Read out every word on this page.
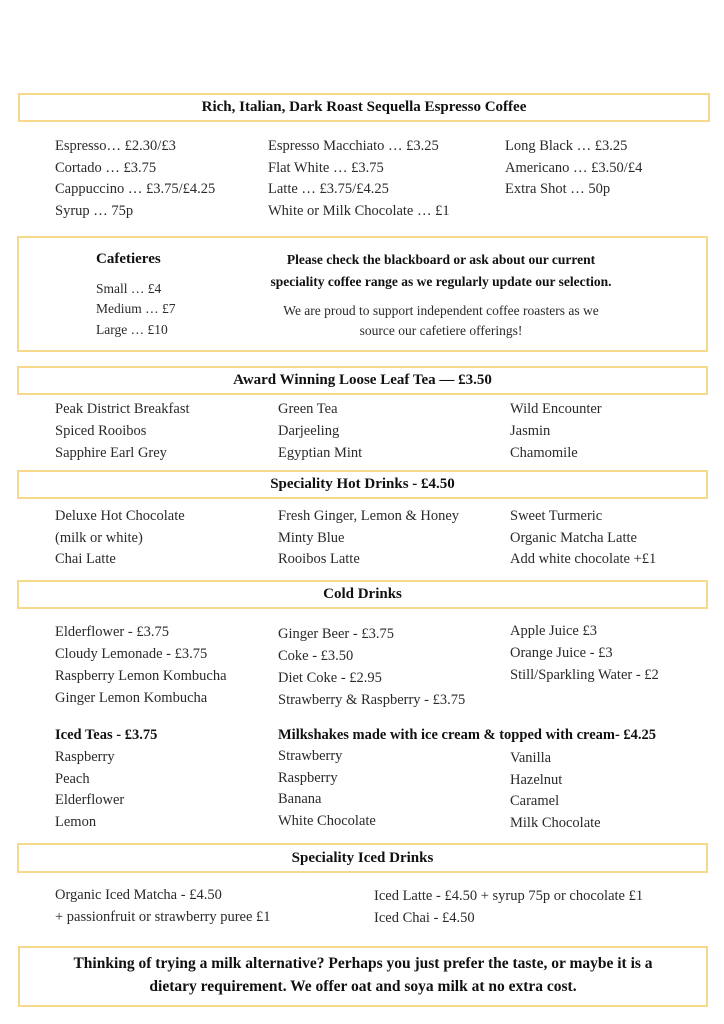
Rich, Italian, Dark Roast Sequella Espresso Coffee
Cafetieres
Small … £4
Medium … £7
Large … £10
Please check the blackboard or ask about our current
speciality coffee range as we regularly update our selection.
We are proud to support independent coffee roasters as we
source our cafetiere offerings!
Award Winning Loose Leaf Tea — £3.50
Speciality Hot Drinks - £4.50
Cold Drinks
Iced Teas - £3.75	Milkshakes made with ice cream & topped with cream- £4.25
Speciality Iced Drinks
Thinking of trying a milk alternative? Perhaps you just prefer the taste, or maybe it is a
dietary requirement. We offer oat and soya milk at no extra cost.
Espresso… £2.30/£3
Cortado … £3.75
Cappuccino … £3.75/£4.25
Syrup … 75p
Espresso Macchiato … £3.25
Flat White … £3.75
Latte … £3.75/£4.25
White or Milk Chocolate … £1
Long Black … £3.25
Americano … £3.50/£4
Extra Shot … 50p
Peak District Breakfast
Spiced Rooibos
Sapphire Earl Grey
Green Tea
Darjeeling
Egyptian Mint
Wild Encounter
Jasmin
Chamomile
Deluxe Hot Chocolate
(milk or white)
Chai Latte
Fresh Ginger, Lemon & Honey
Minty Blue
Rooibos Latte
Sweet Turmeric
Organic Matcha Latte
Add white chocolate +£1
Elderflower - £3.75
Cloudy Lemonade - £3.75
Raspberry Lemon Kombucha
Ginger Lemon Kombucha
Ginger Beer - £3.75
Coke - £3.50
Diet Coke - £2.95
Strawberry & Raspberry - £3.75
Apple Juice £3
Orange Juice - £3
Still/Sparkling Water - £2
Raspberry
Peach
Elderflower
Lemon
Strawberry
Raspberry
Banana
White Chocolate
Vanilla
Hazelnut
Caramel
Milk Chocolate
Organic Iced Matcha - £4.50
+ passionfruit or strawberry puree £1
Iced Latte - £4.50 + syrup 75p or chocolate £1
Iced Chai - £4.50
